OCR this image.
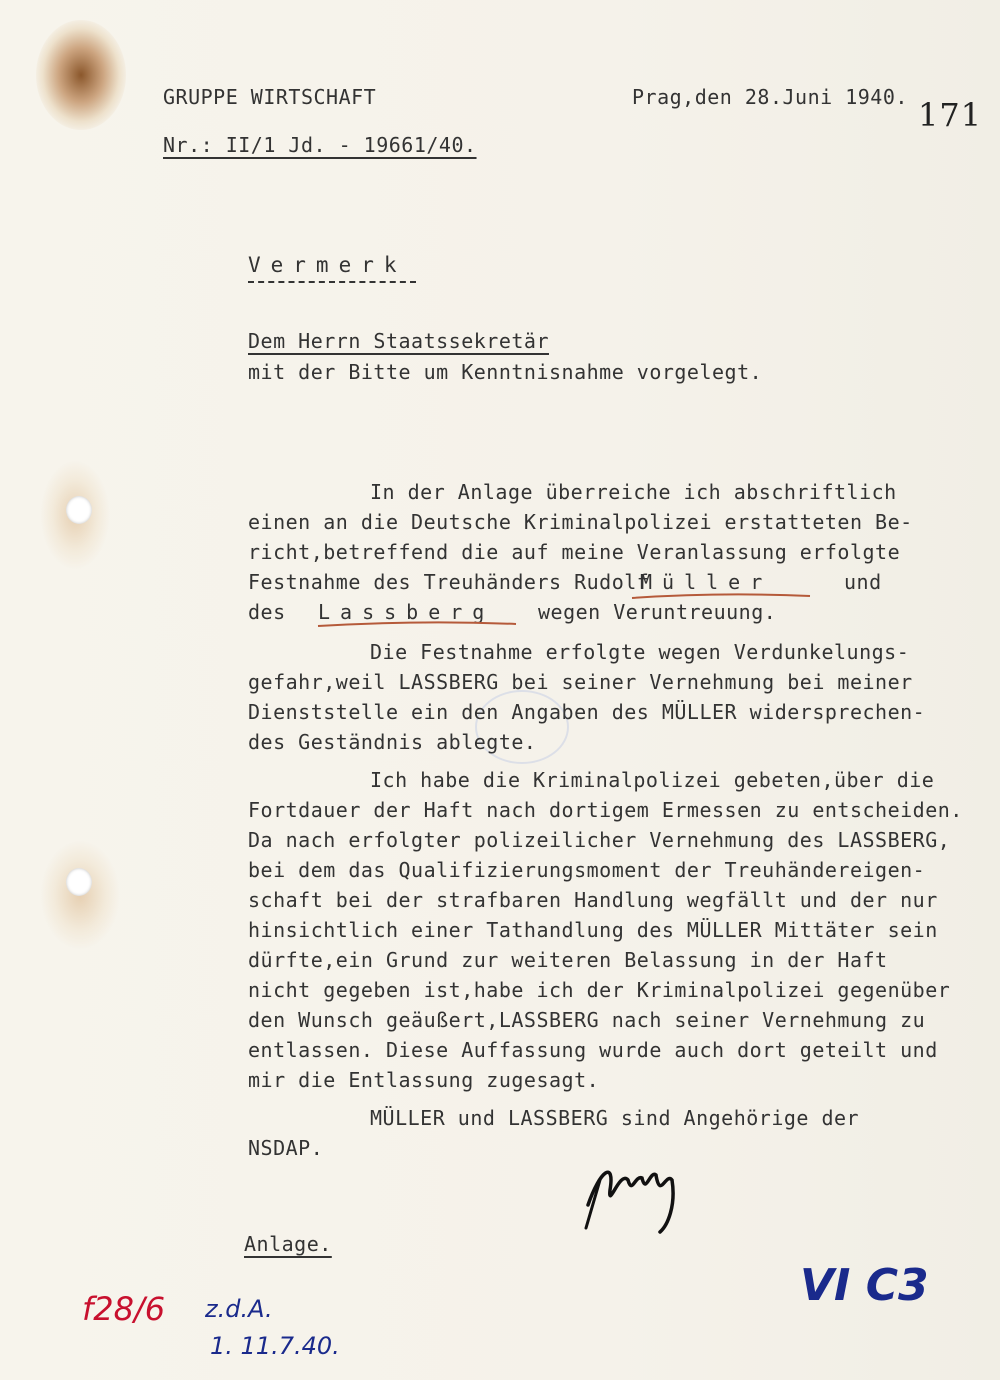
GRUPPE WIRTSCHAFT	Prag,den 28.Juni 1940. 171
Nr.: II/1 Jd. - 19661/40.
Vermerk
Dem Herrn Staatssekretär
mit der Bitte um Kenntnisnahme vorgelegt.
In der Anlage überreiche ich abschriftlich
einen an die Deutsche Kriminalpolizei erstatteten Be-
richt,betreffend die auf meine Veranlassung erfolgte
Festnahme des Treuhänders Rudolf
Müller	und
des Lassberg wegen Veruntreuung.
Die Festnahme erfolgte wegen Verdunkelungs-
gefahr,weil LASSBERG bei seiner Vernehmung bei meiner
Dienststelle ein den Angaben des MÜLLER widersprechen-
des Geständnis ablegte.
Ich habe die Kriminalpolizei gebeten,über die
Fortdauer der Haft nach dortigem Ermessen zu entscheiden.
Da nach erfolgter polizeilicher Vernehmung des LASSBERG,
bei dem das Qualifizierungsmoment der Treuhändereigen-
schaft bei der strafbaren Handlung wegfällt und der nur
hinsichtlich einer Tathandlung des MÜLLER Mittäter sein
dürfte,ein Grund zur weiteren Belassung in der Haft
nicht gegeben ist,habe ich der Kriminalpolizei gegenüber
den Wunsch geäußert,LASSBERG nach seiner Vernehmung zu
entlassen. Diese Auffassung wurde auch dort geteilt und
mir die Entlassung zugesagt.
MÜLLER und LASSBERG sind Angehörige der
NSDAP.
Anlage.
f28/6 z.d.A.
1. 11.7.40.
VI C3
